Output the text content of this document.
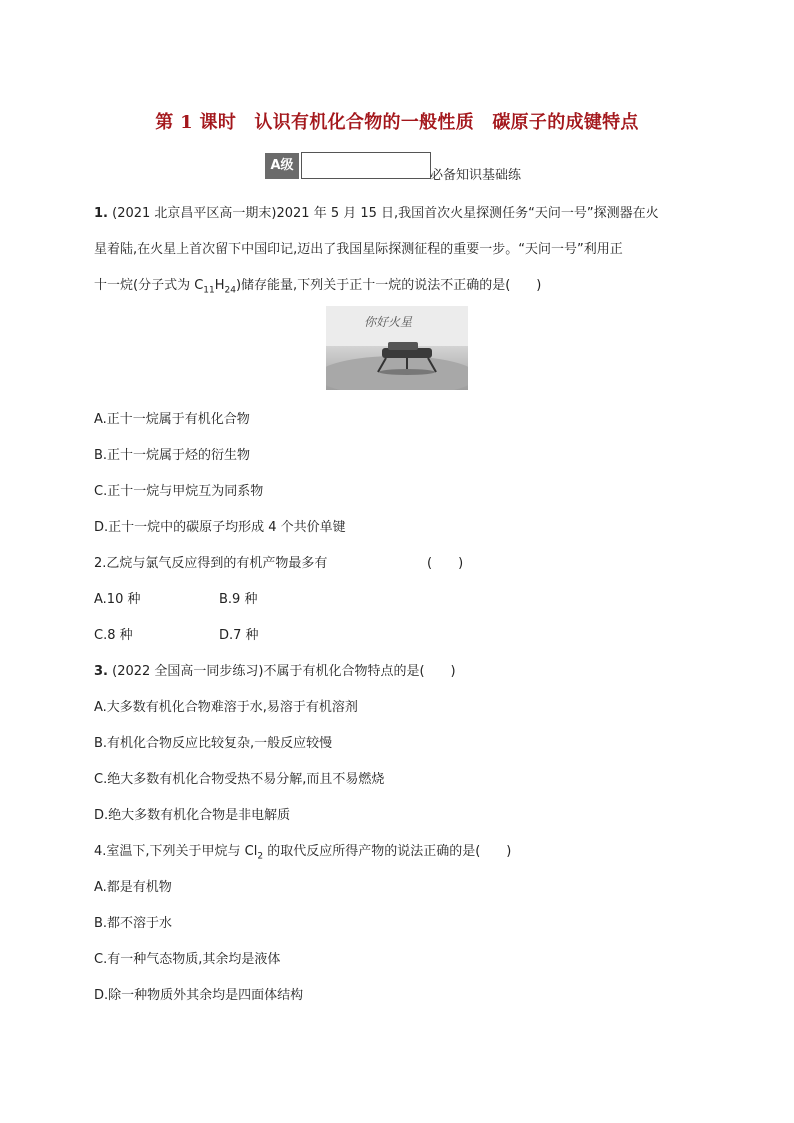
第 1 课时　认识有机化合物的一般性质　碳原子的成键特点
A级
必备知识基础练
1. (2021 北京昌平区高一期末)2021 年 5 月 15 日,我国首次火星探测任务“天问一号”探测器在火
星着陆,在火星上首次留下中国印记,迈出了我国星际探测征程的重要一步。“天问一号”利用正
十一烷(分子式为 $C_{11}H_{24}$)储存能量,下列关于正十一烷的说法不正确的是(　　)
你好火星
A.正十一烷属于有机化合物
B.正十一烷属于烃的衍生物
C.正十一烷与甲烷互为同系物
D.正十一烷中的碳原子均形成 4 个共价单键
2.乙烷与氯气反应得到的有机产物最多有	(　　)
A.10 种	B.9 种
C.8 种	D.7 种
3. (2022 全国高一同步练习)不属于有机化合物特点的是(　　)
A.大多数有机化合物难溶于水,易溶于有机溶剂
B.有机化合物反应比较复杂,一般反应较慢
C.绝大多数有机化合物受热不易分解,而且不易燃烧
D.绝大多数有机化合物是非电解质
4.室温下,下列关于甲烷与 $Cl_2$ 的取代反应所得产物的说法正确的是(　　)
A.都是有机物
B.都不溶于水
C.有一种气态物质,其余均是液体
D.除一种物质外其余均是四面体结构
